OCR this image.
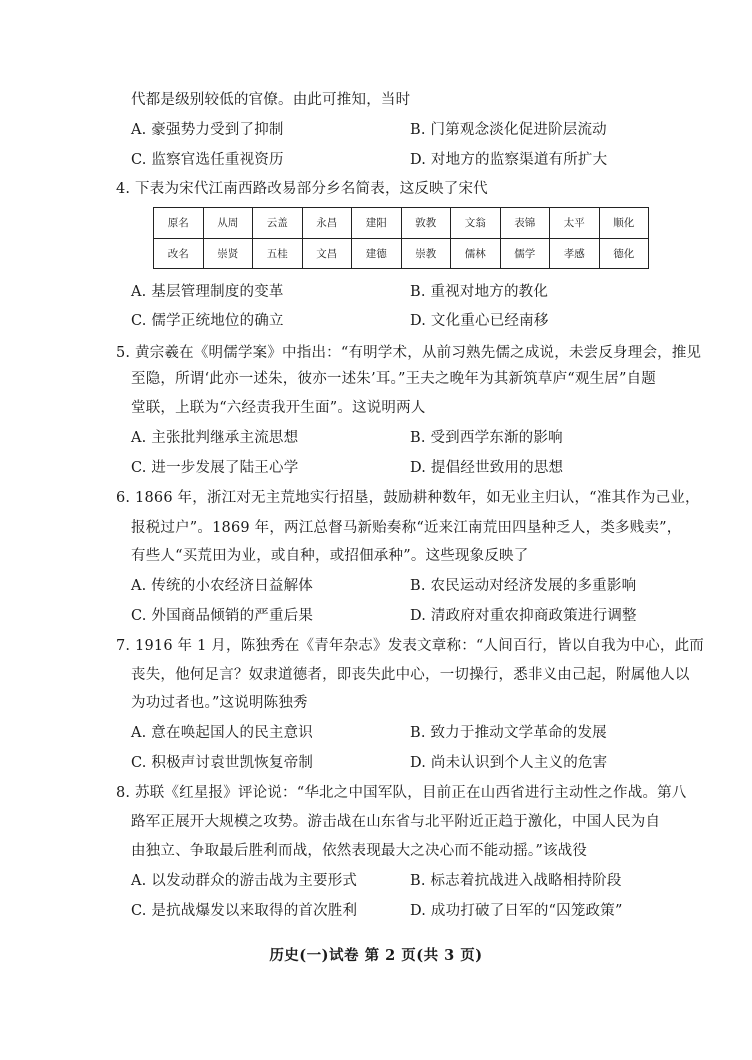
代都是级别较低的官僚。由此可推知，当时
A. 豪强势力受到了抑制	B. 门第观念淡化促进阶层流动
C. 监察官选任重视资历	D. 对地方的监察渠道有所扩大
4. 下表为宋代江南西路改易部分乡名简表，这反映了宋代
原名	从周	云盖	永昌	建阳	敦教	文翁	表锦	太平	顺化
改名	崇贤	五桂	文昌	建德	崇教	儒林	儒学	孝感	德化
A. 基层管理制度的变革	B. 重视对地方的教化
C. 儒学正统地位的确立	D. 文化重心已经南移
5. 黄宗羲在《明儒学案》中指出：“有明学术，从前习熟先儒之成说，未尝反身理会，推见
至隐，所谓‘此亦一述朱，彼亦一述朱’耳。”王夫之晚年为其新筑草庐“观生居”自题
堂联，上联为“六经责我开生面”。这说明两人
A. 主张批判继承主流思想	B. 受到西学东渐的影响
C. 进一步发展了陆王心学	D. 提倡经世致用的思想
6. 1866 年，浙江对无主荒地实行招垦，鼓励耕种数年，如无业主归认，“准其作为己业，
报税过户”。1869 年，两江总督马新贻奏称“近来江南荒田四垦种乏人，类多贱卖”，
有些人“买荒田为业，或自种，或招佃承种”。这些现象反映了
A. 传统的小农经济日益解体	B. 农民运动对经济发展的多重影响
C. 外国商品倾销的严重后果	D. 清政府对重农抑商政策进行调整
7. 1916 年 1 月，陈独秀在《青年杂志》发表文章称：“人间百行，皆以自我为中心，此而
丧失，他何足言？奴隶道德者，即丧失此中心，一切操行，悉非义由己起，附属他人以
为功过者也。”这说明陈独秀
A. 意在唤起国人的民主意识	B. 致力于推动文学革命的发展
C. 积极声讨袁世凯恢复帝制	D. 尚未认识到个人主义的危害
8. 苏联《红星报》评论说：“华北之中国军队，目前正在山西省进行主动性之作战。第八
路军正展开大规模之攻势。游击战在山东省与北平附近正趋于激化，中国人民为自
由独立、争取最后胜利而战，依然表现最大之决心而不能动摇。”该战役
A. 以发动群众的游击战为主要形式	B. 标志着抗战进入战略相持阶段
C. 是抗战爆发以来取得的首次胜利	D. 成功打破了日军的“囚笼政策”
历史(一)试卷 第 2 页(共 3 页)
